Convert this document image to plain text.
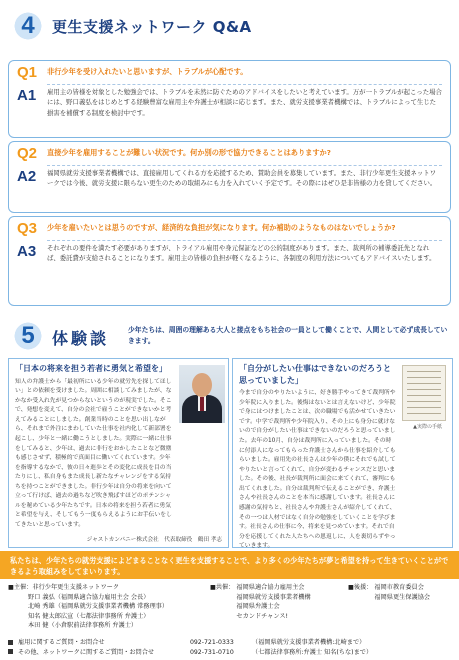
4	更生支援ネットワーク Q&A
Q1	非行少年を受け入れたいと思いますが、トラブルが心配です。
A1	雇用主の皆様を対象とした勉強会では、トラブルを未然に防ぐためのアドバイスをしたいと考えています。万が一トラブルが起こった場合には、野口義弘をはじめとする経験豊富な雇用主や弁護士が相談に応じます。また、就労支援事業者機構では、トラブルによって生じた損害を補償する制度を検討中です。
Q2	直接少年を雇用することが難しい状況です。何か別の形で協力できることはありますか?
A2	福岡県就労支援事業者機構では、直接雇用してくれる方を応援するため、賛助会員を募集しています。また、非行少年更生支援ネットワークでは今後、就労支援に限らない更生のための取組みにも力を入れていく予定です。その際にはぜひ是非皆様の力を貸してください。
Q3	少年を雇いたいとは思うのですが、経済的な負担が気になります。何か補助のようなものはないでしょうか?
A3	それぞれの要件を満たす必要がありますが、トライアル雇用や身元保証などの公的制度があります。また、裁判所の補導委託先となれば、委託費が支給されることになります。雇用主の皆様の負担が軽くなるように、各制度の利用方法についてもアドバイスいたします。
5	体験談	少年たちは、周囲の理解ある大人と接点をもち社会の一員として働くことで、人間として必ず成長していきます。
「日本の将来を担う若者に勇気と希望を」
知人の弁護士から「最初所にいる少年の就労先を探してほしい」との依頼を受けました。周囲に相談してみましたが、なかなか受入れ先が見つからないというのが現実でした。そこで、発想を変えて、自分の会社で雇うことができないかと考えてみることにしました。創業当時のことを思い出しながら、それまで外注にまわしていた仕事を社内化して新部署を起こし、少年と一緒に働こうとしました。実際に一緒に仕事をしてみると、少年は、過去に非行をおかしたことなど微塵も感じさせず、積極的で真面目に働いてくれています。少年を指導するなかで、彼の日々進歩とその変化に成長を目の当たりにし、私自身もまた成長し新たなチャレンジをする気持ちを持つことができました。非行少年は自分の将来を向いて立って行けば、過去の過ちなど吹き飛ばすほどのポテンシャルを秘めている少年たちです。日本の将来を担う若者に勇気と希望を与え、そしてもう一度もらえるようにお手伝いをしてきたいと思っています。
ジャストカンパニー株式会社　代表取締役　鶴田 孝志
「自分がしたい仕事はできないのだろうと思っていました」
▲実際の手紙
今まで自分のやりたいように、好き勝手やってきて裁判所や少年院に入りました。後悔はないとは言えないけど、少年院で身にはつけましたことは、次の職場でも活かせていきたいです。中学で裁判所や少年院入り、その上にも身分に就けないので自分がしたい仕事はできないのだろうと思っていました。去年の10月、自分は裁判所に入っていました。その時に付添人になってもらった弁護士さんから仕事を紹介してもらいました。雇用先の社長さんは少年の僕にそれでも試してやりたいと言ってくれて、自分が変わるチャンスだと思いました。その後、社長が裁判所に面会に来てくれて、審判にも出てくれました。自分は裁判所で伝えることができ、弁護士さんや社長さんのことを本当に感謝しています。社長さんに感謝の気持ちと、社長さんや弁護士さんが紹介してくれて、その一つは人材ではなく自分の勉強をしていくことを学びます。社長さんの仕事に今、将来を見つめています。それで自分を応援してくれた人たちへの恩返しに、人を裏切らずやっていきます。

私たちは、少年たちの就労支援によどまることなく更生を支援することで、より多くの少年たちが夢と希望を持って生きていくことができるよう取組みをしてまいります。

■主催：非行少年更生支援ネットワーク
野口 義弘（福岡県適合協力雇用主会 会長）
北崎 秀雄（福岡県就労支援事業者機構 常務理事）
知名 健太郎広宣（七都法律事務所 弁護士）
本田 健（小倉駅前法律事務所 弁護士）
■共催： 福岡県適合協力雇用主会
福岡県就労支援事業者機構
福岡県弁護士会
セカンドチャンス!
■後援： 福岡市教育委員会
福岡県更生保護協会
雇用に関するご質問・お問合せ	092-721-0333	（福岡県就労支援事業者機構:北崎まで）
その他、ネットワークに関するご質問・お問合せ	092-731-0710	（七都法律事務所:弁護士 知名(ちな)まで）
